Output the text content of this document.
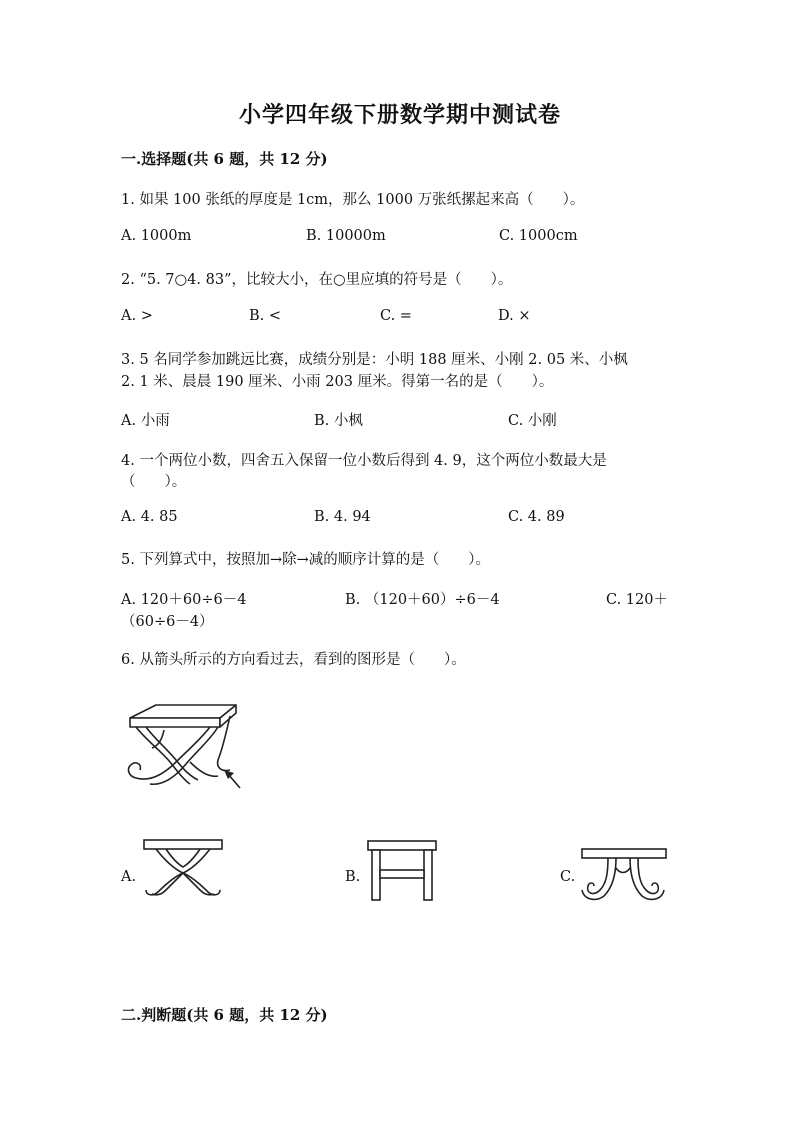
小学四年级下册数学期中测试卷
一.选择题(共 6 题，共 12 分)
1. 如果 100 张纸的厚度是 1cm，那么 1000 万张纸摞起来高（　　）。
A. 1000m	B. 10000m	C. 1000cm
2. “5. 7○4. 83”，比较大小，在○里应填的符号是（　　）。
A. >	B. <	C. =	D. ×
3. 5 名同学参加跳远比赛，成绩分别是：小明 188 厘米、小刚 2. 05 米、小枫
2. 1 米、晨晨 190 厘米、小雨 203 厘米。得第一名的是（　　）。
A. 小雨	B. 小枫	C. 小刚
4. 一个两位小数，四舍五入保留一位小数后得到 4. 9，这个两位小数最大是
（　　）。
A. 4. 85	B. 4. 94	C. 4. 89
5. 下列算式中，按照加→除→减的顺序计算的是（　　）。
A. 120＋60÷6－4	B. （120＋60）÷6－4	C. 120＋
（60÷6－4）
6. 从箭头所示的方向看过去，看到的图形是（　　）。
A.	B.	C.
二.判断题(共 6 题，共 12 分)
